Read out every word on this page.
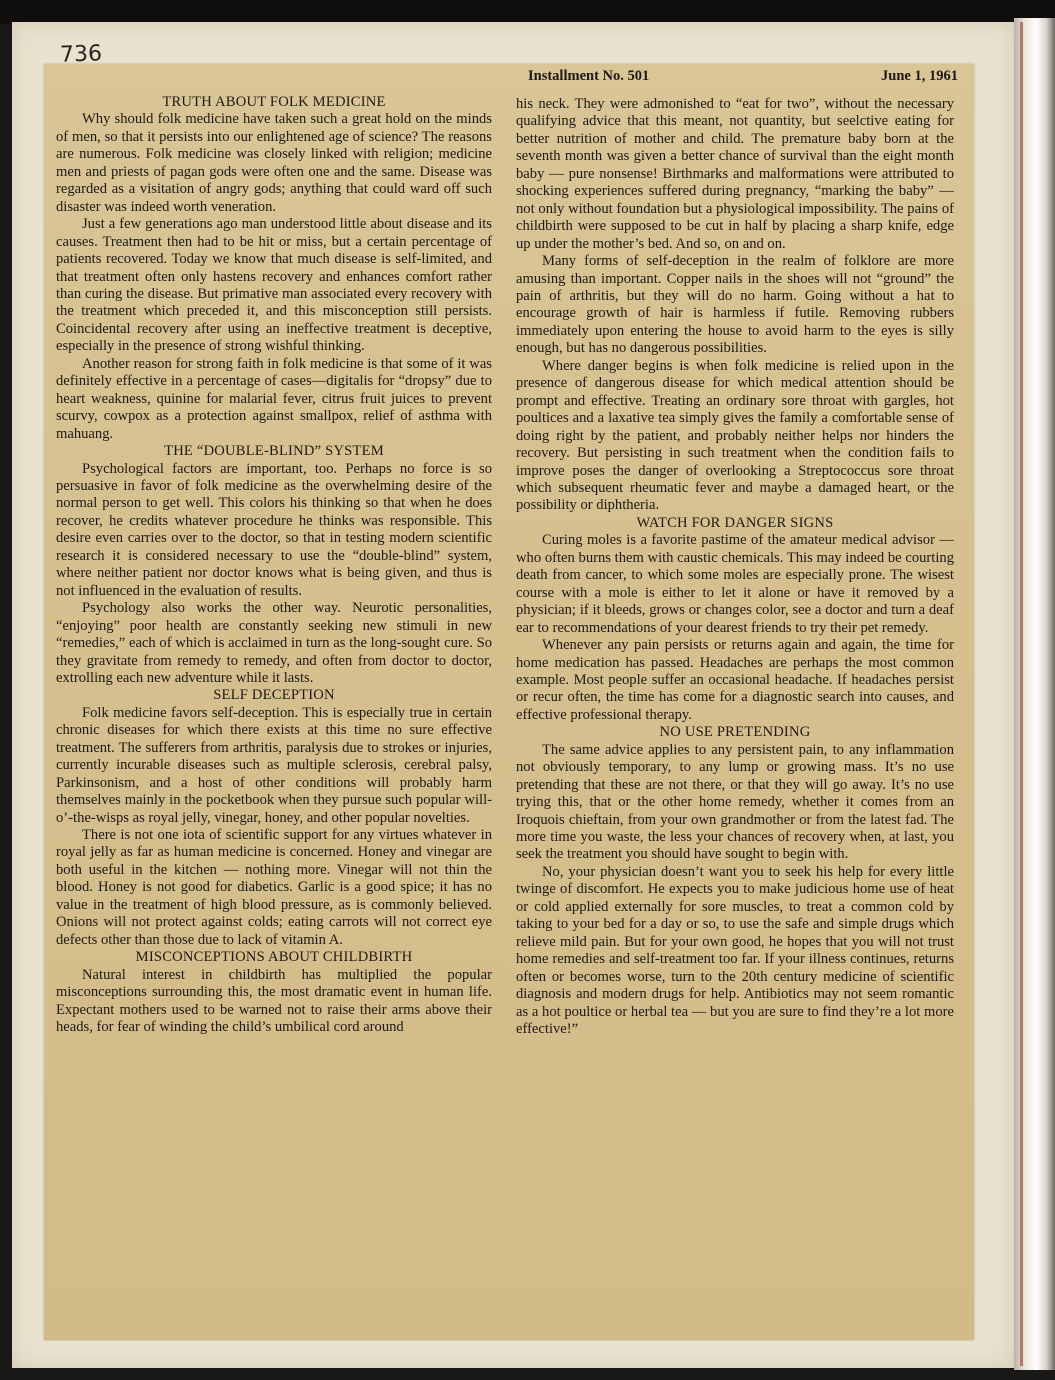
736
Installment No. 501	June 1, 1961
TRUTH ABOUT FOLK MEDICINE

Why should folk medicine have taken such a great hold on the minds of men, so that it persists into our enlightened age of science? The reasons are numerous. Folk medicine was closely linked with religion; medicine men and priests of pagan gods were often one and the same. Disease was regarded as a visitation of angry gods; anything that could ward off such disaster was indeed worth veneration.

Just a few generations ago man understood little about disease and its causes. Treatment then had to be hit or miss, but a certain percentage of patients recovered. Today we know that much disease is self-limited, and that treatment often only hastens recovery and enhances comfort rather than curing the disease. But primative man associated every recovery with the treatment which preceded it, and this misconception still persists. Coincidental recovery after using an ineffective treatment is deceptive, especially in the presence of strong wishful thinking.

Another reason for strong faith in folk medicine is that some of it was definitely effective in a percentage of cases—digitalis for “dropsy” due to heart weakness, quinine for malarial fever, citrus fruit juices to prevent scurvy, cowpox as a protection against smallpox, relief of asthma with mahuang.

THE “DOUBLE-BLIND” SYSTEM

Psychological factors are important, too. Perhaps no force is so persuasive in favor of folk medicine as the overwhelming desire of the normal person to get well. This colors his thinking so that when he does recover, he credits whatever procedure he thinks was responsible. This desire even carries over to the doctor, so that in testing modern scientific research it is considered necessary to use the “double-blind” system, where neither patient nor doctor knows what is being given, and thus is not influenced in the evaluation of results.

Psychology also works the other way. Neurotic personalities, “enjoying” poor health are constantly seeking new stimuli in new “remedies,” each of which is acclaimed in turn as the long-sought cure. So they gravitate from remedy to remedy, and often from doctor to doctor, extrolling each new adventure while it lasts.

SELF DECEPTION

Folk medicine favors self-deception. This is especially true in certain chronic diseases for which there exists at this time no sure effective treatment. The sufferers from arthritis, paralysis due to strokes or injuries, currently incurable diseases such as multiple sclerosis, cerebral palsy, Parkinsonism, and a host of other conditions will probably harm themselves mainly in the pocketbook when they pursue such popular will-o’-the-wisps as royal jelly, vinegar, honey, and other popular novelties.

There is not one iota of scientific support for any virtues whatever in royal jelly as far as human medicine is concerned. Honey and vinegar are both useful in the kitchen — nothing more. Vinegar will not thin the blood. Honey is not good for diabetics. Garlic is a good spice; it has no value in the treatment of high blood pressure, as is commonly believed. Onions will not protect against colds; eating carrots will not correct eye defects other than those due to lack of vitamin A.

MISCONCEPTIONS ABOUT CHILDBIRTH

Natural interest in childbirth has multiplied the popular misconceptions surrounding this, the most dramatic event in human life. Expectant mothers used to be warned not to raise their arms above their heads, for fear of winding the child’s umbilical cord around

his neck. They were admonished to “eat for two”, without the necessary qualifying advice that this meant, not quantity, but seelctive eating for better nutrition of mother and child. The premature baby born at the seventh month was given a better chance of survival than the eight month baby — pure nonsense! Birthmarks and malformations were attributed to shocking experiences suffered during pregnancy, “marking the baby” — not only without foundation but a physiological impossibility. The pains of childbirth were supposed to be cut in half by placing a sharp knife, edge up under the mother’s bed. And so, on and on.

Many forms of self-deception in the realm of folklore are more amusing than important. Copper nails in the shoes will not “ground” the pain of arthritis, but they will do no harm. Going without a hat to encourage growth of hair is harmless if futile. Removing rubbers immediately upon entering the house to avoid harm to the eyes is silly enough, but has no dangerous possibilities.

Where danger begins is when folk medicine is relied upon in the presence of dangerous disease for which medical attention should be prompt and effective. Treating an ordinary sore throat with gargles, hot poultices and a laxative tea simply gives the family a comfortable sense of doing right by the patient, and probably neither helps nor hinders the recovery. But persisting in such treatment when the condition fails to improve poses the danger of overlooking a Streptococcus sore throat which subsequent rheumatic fever and maybe a damaged heart, or the possibility or diphtheria.

WATCH FOR DANGER SIGNS

Curing moles is a favorite pastime of the amateur medical advisor — who often burns them with caustic chemicals. This may indeed be courting death from cancer, to which some moles are especially prone. The wisest course with a mole is either to let it alone or have it removed by a physician; if it bleeds, grows or changes color, see a doctor and turn a deaf ear to recommendations of your dearest friends to try their pet remedy.

Whenever any pain persists or returns again and again, the time for home medication has passed. Headaches are perhaps the most common example. Most people suffer an occasional headache. If headaches persist or recur often, the time has come for a diagnostic search into causes, and effective professional therapy.

NO USE PRETENDING

The same advice applies to any persistent pain, to any inflammation not obviously temporary, to any lump or growing mass. It’s no use pretending that these are not there, or that they will go away. It’s no use trying this, that or the other home remedy, whether it comes from an Iroquois chieftain, from your own grandmother or from the latest fad. The more time you waste, the less your chances of recovery when, at last, you seek the treatment you should have sought to begin with.

No, your physician doesn’t want you to seek his help for every little twinge of discomfort. He expects you to make judicious home use of heat or cold applied externally for sore muscles, to treat a common cold by taking to your bed for a day or so, to use the safe and simple drugs which relieve mild pain. But for your own good, he hopes that you will not trust home remedies and self-treatment too far. If your illness continues, returns often or becomes worse, turn to the 20th century medicine of scientific diagnosis and modern drugs for help. Antibiotics may not seem romantic as a hot poultice or herbal tea — but you are sure to find they’re a lot more effective!”
